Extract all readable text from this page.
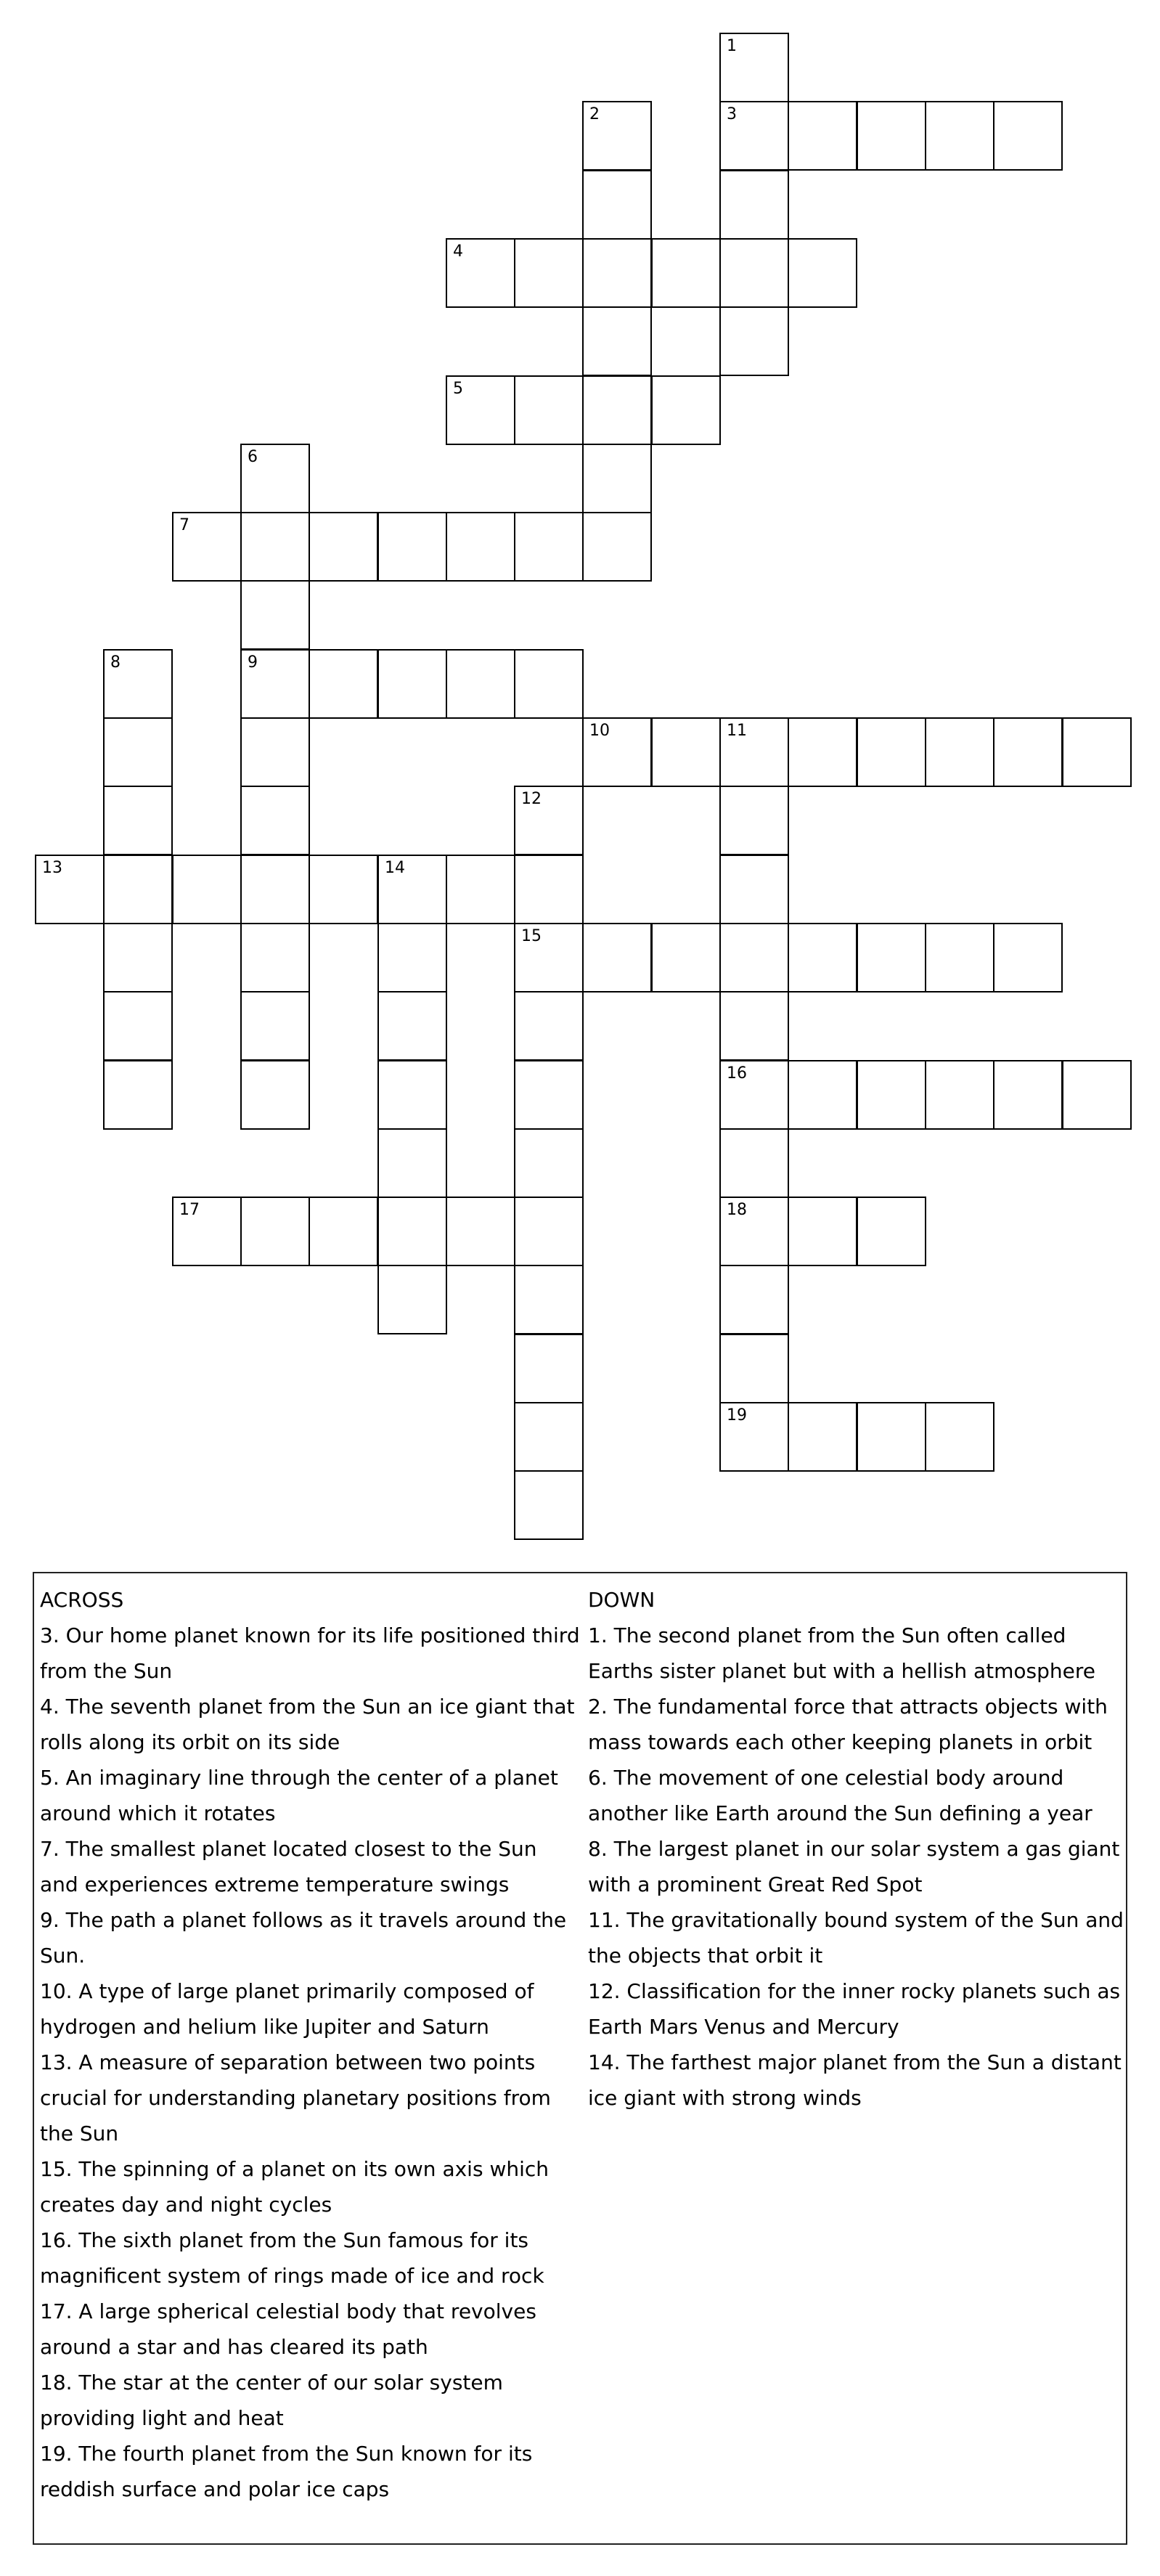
1
3
2
4
5
6
9
7
8
10	11
16
18
19
12
15
13	14
17
ACROSS
3. Our home planet known for its life positioned third from the Sun
4. The seventh planet from the Sun an ice giant that rolls along its orbit on its side
5. An imaginary line through the center of a planet around which it rotates
7. The smallest planet located closest to the Sun and experiences extreme temperature swings
9. The path a planet follows as it travels around the Sun.
10. A type of large planet primarily composed of hydrogen and helium like Jupiter and Saturn
13. A measure of separation between two points crucial for understanding planetary positions from the Sun
15. The spinning of a planet on its own axis which creates day and night cycles
16. The sixth planet from the Sun famous for its magnificent system of rings made of ice and rock
17. A large spherical celestial body that revolves around a star and has cleared its path
18. The star at the center of our solar system providing light and heat
19. The fourth planet from the Sun known for its reddish surface and polar ice caps
DOWN
1. The second planet from the Sun often called Earths sister planet but with a hellish atmosphere
2. The fundamental force that attracts objects with mass towards each other keeping planets in orbit
6. The movement of one celestial body around another like Earth around the Sun defining a year
8. The largest planet in our solar system a gas giant with a prominent Great Red Spot
11. The gravitationally bound system of the Sun and the objects that orbit it
12. Classification for the inner rocky planets such as Earth Mars Venus and Mercury
14. The farthest major planet from the Sun a distant ice giant with strong winds
